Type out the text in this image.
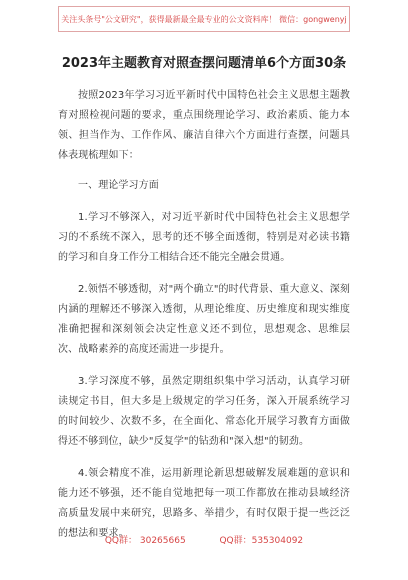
关注头条号"公文研究"，获得最新最全最专业的公文资料库！ 微信：gongwenyj
2023年主题教育对照查摆问题清单6个方面30条

按照2023年学习习近平新时代中国特色社会主义思想主题教育对照检视问题的要求，重点围绕理论学习、政治素质、能力本领、担当作为、工作作风、廉洁自律六个方面进行查摆，问题具体表现梳理如下：

一、理论学习方面

1.学习不够深入，对习近平新时代中国特色社会主义思想学习的不系统不深入，思考的还不够全面透彻，特别是对必读书籍的学习和自身工作分工相结合还不能完全融会贯通。

2.领悟不够透彻，对"两个确立"的时代背景、重大意义、深刻内涵的理解还不够深入透彻，从理论维度、历史维度和现实维度准确把握和深刻领会决定性意义还不到位，思想观念、思维层次、战略素养的高度还需进一步提升。

3.学习深度不够，虽然定期组织集中学习活动，认真学习研读规定书目，但大多是上级规定的学习任务，深入开展系统学习的时间较少、次数不多，在全面化、常态化开展学习教育方面做得还不够到位，缺少"反复学"的钻劲和"深入想"的韧劲。

4.领会精度不准，运用新理论新思想破解发展难题的意识和能力还不够强，还不能自觉地把每一项工作都放在推动县域经济高质量发展中来研究，思路多、举措少，有时仅限于提一些泛泛的想法和要求。

QQ群： 30265665	QQ群：535304092
